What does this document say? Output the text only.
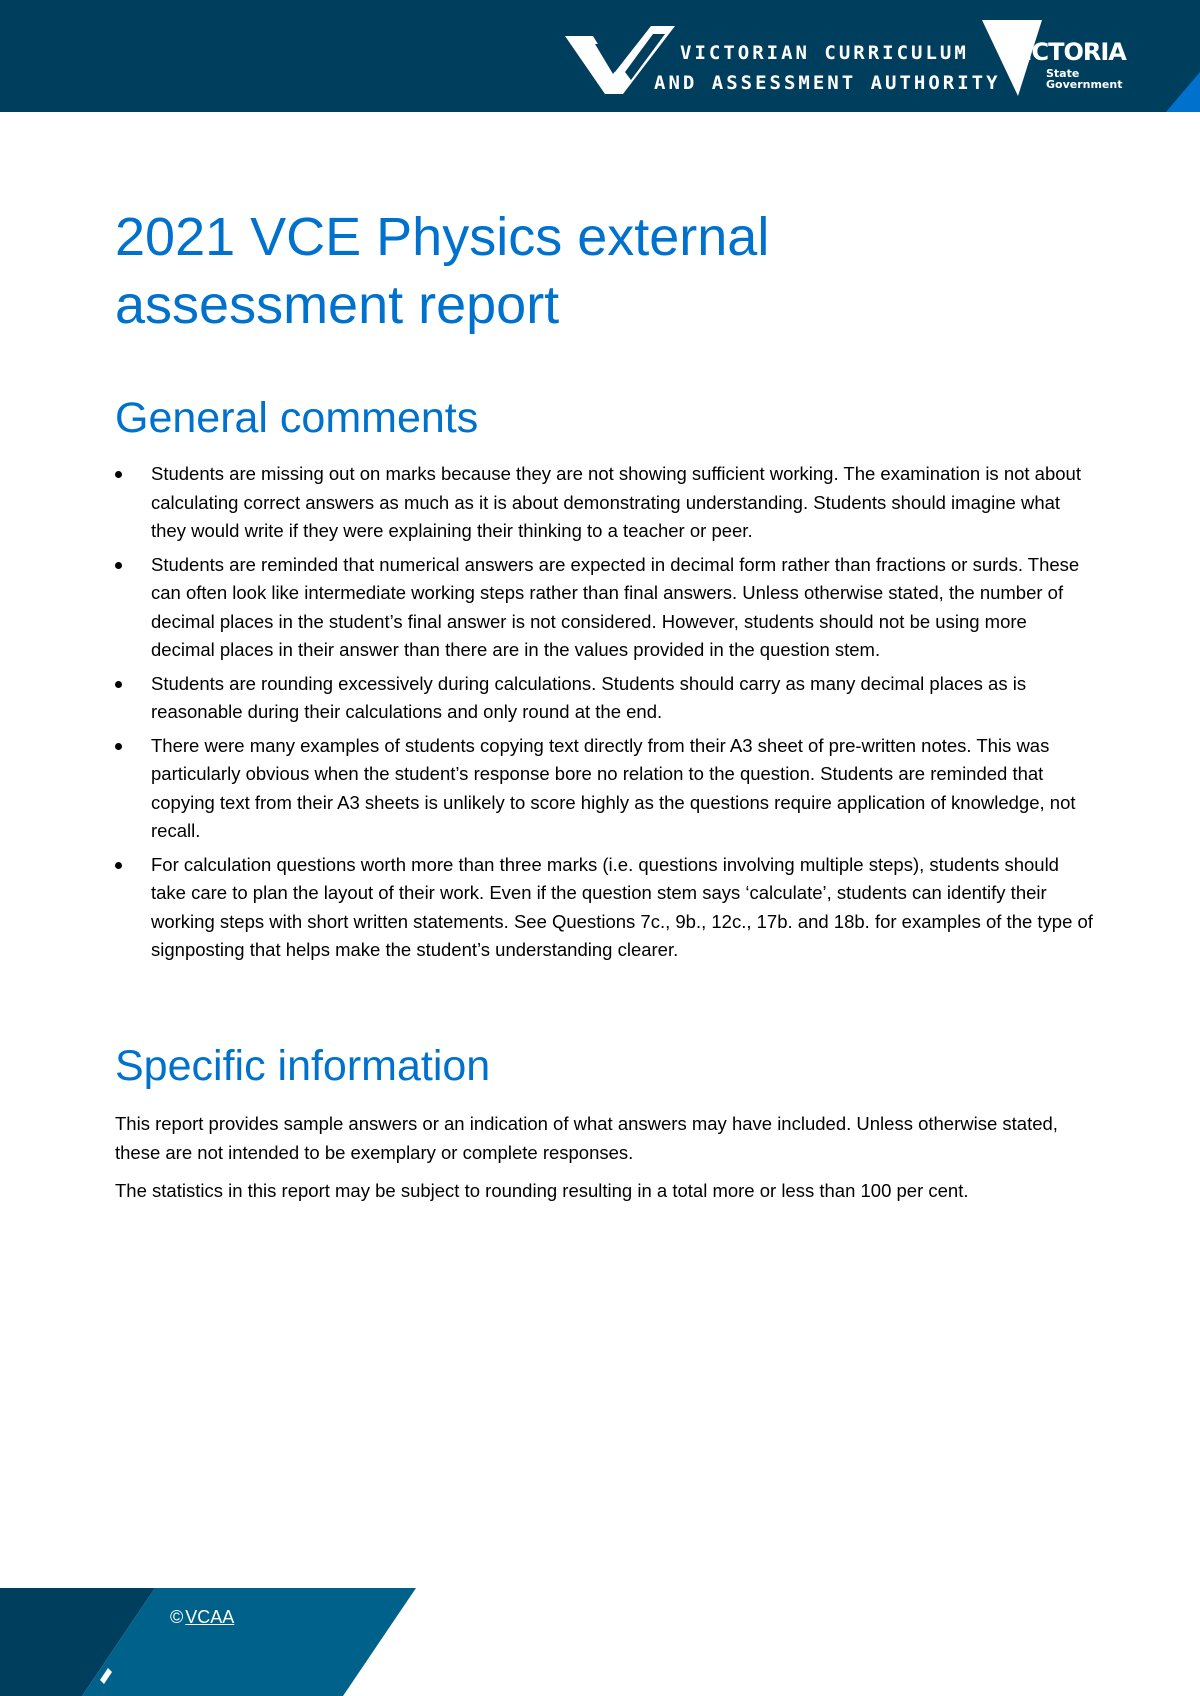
VICTORIAN CURRICULUM
AND ASSESSMENT AUTHORITY
VICTORIA
State
Government
2021 VCE Physics external assessment report
General comments
Students are missing out on marks because they are not showing sufficient working. The examination is not about calculating correct answers as much as it is about demonstrating understanding. Students should imagine what they would write if they were explaining their thinking to a teacher or peer.
Students are reminded that numerical answers are expected in decimal form rather than fractions or surds. These can often look like intermediate working steps rather than final answers. Unless otherwise stated, the number of decimal places in the student’s final answer is not considered. However, students should not be using more decimal places in their answer than there are in the values provided in the question stem.
Students are rounding excessively during calculations. Students should carry as many decimal places as is reasonable during their calculations and only round at the end.
There were many examples of students copying text directly from their A3 sheet of pre-written notes. This was particularly obvious when the student’s response bore no relation to the question. Students are reminded that copying text from their A3 sheets is unlikely to score highly as the questions require application of knowledge, not recall.
For calculation questions worth more than three marks (i.e. questions involving multiple steps), students should take care to plan the layout of their work. Even if the question stem says ‘calculate’, students can identify their working steps with short written statements. See Questions 7c., 9b., 12c., 17b. and 18b. for examples of the type of signposting that helps make the student’s understanding clearer.
Specific information

This report provides sample answers or an indication of what answers may have included. Unless otherwise stated, these are not intended to be exemplary or complete responses.

The statistics in this report may be subject to rounding resulting in a total more or less than 100 per cent.

© VCAA
